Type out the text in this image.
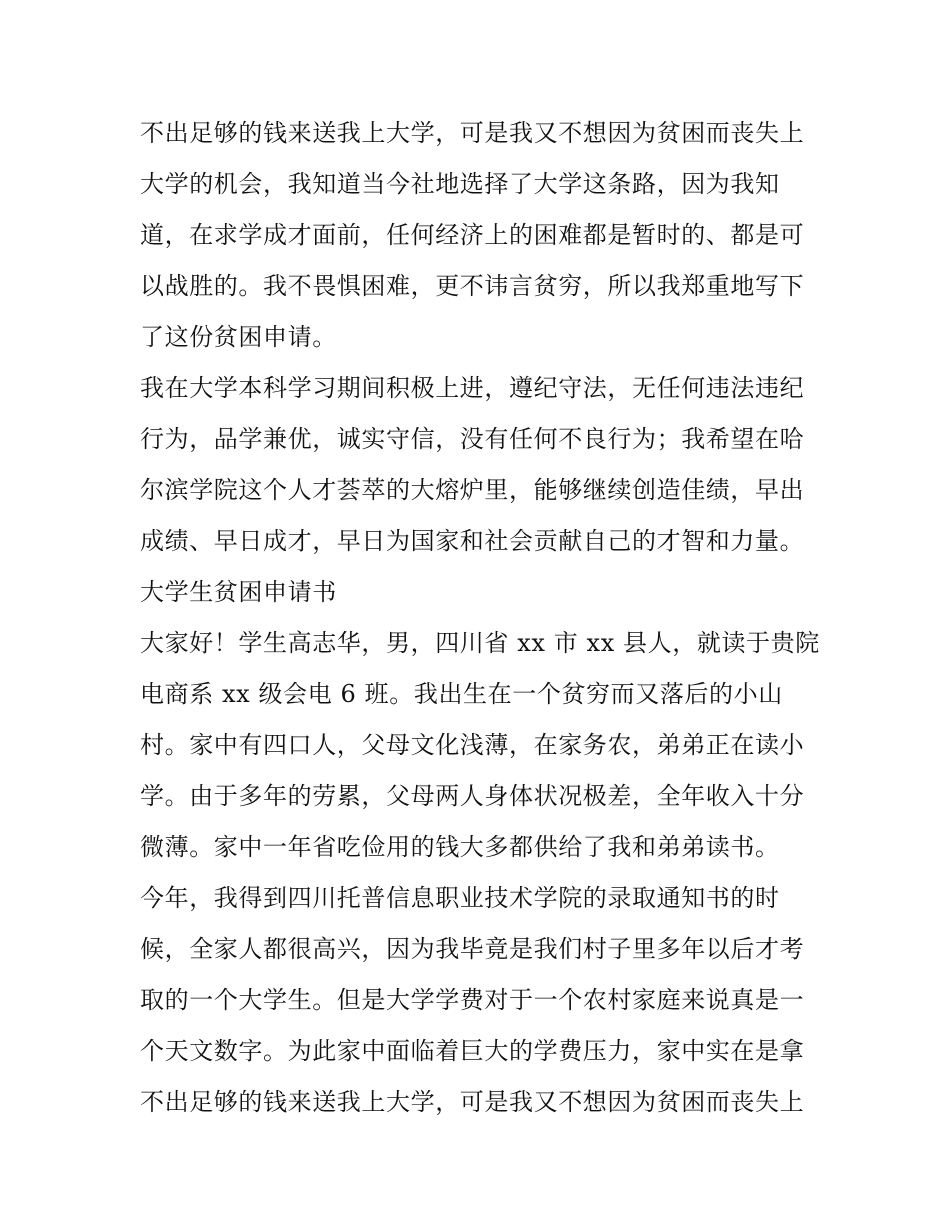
不出足够的钱来送我上大学，可是我又不想因为贫困而丧失上
大学的机会，我知道当今社地选择了大学这条路，因为我知
道，在求学成才面前，任何经济上的困难都是暂时的、都是可
以战胜的。我不畏惧困难，更不讳言贫穷，所以我郑重地写下
了这份贫困申请。
我在大学本科学习期间积极上进，遵纪守法，无任何违法违纪
行为，品学兼优，诚实守信，没有任何不良行为；我希望在哈
尔滨学院这个人才荟萃的大熔炉里，能够继续创造佳绩，早出
成绩、早日成才，早日为国家和社会贡献自己的才智和力量。
大学生贫困申请书
大家好！学生高志华，男，四川省 xx 市 xx 县人，就读于贵院
电商系 xx 级会电 6 班。我出生在一个贫穷而又落后的小山
村。家中有四口人，父母文化浅薄，在家务农，弟弟正在读小
学。由于多年的劳累，父母两人身体状况极差，全年收入十分
微薄。家中一年省吃俭用的钱大多都供给了我和弟弟读书。
今年，我得到四川托普信息职业技术学院的录取通知书的时
候，全家人都很高兴，因为我毕竟是我们村子里多年以后才考
取的一个大学生。但是大学学费对于一个农村家庭来说真是一
个天文数字。为此家中面临着巨大的学费压力，家中实在是拿
不出足够的钱来送我上大学，可是我又不想因为贫困而丧失上
